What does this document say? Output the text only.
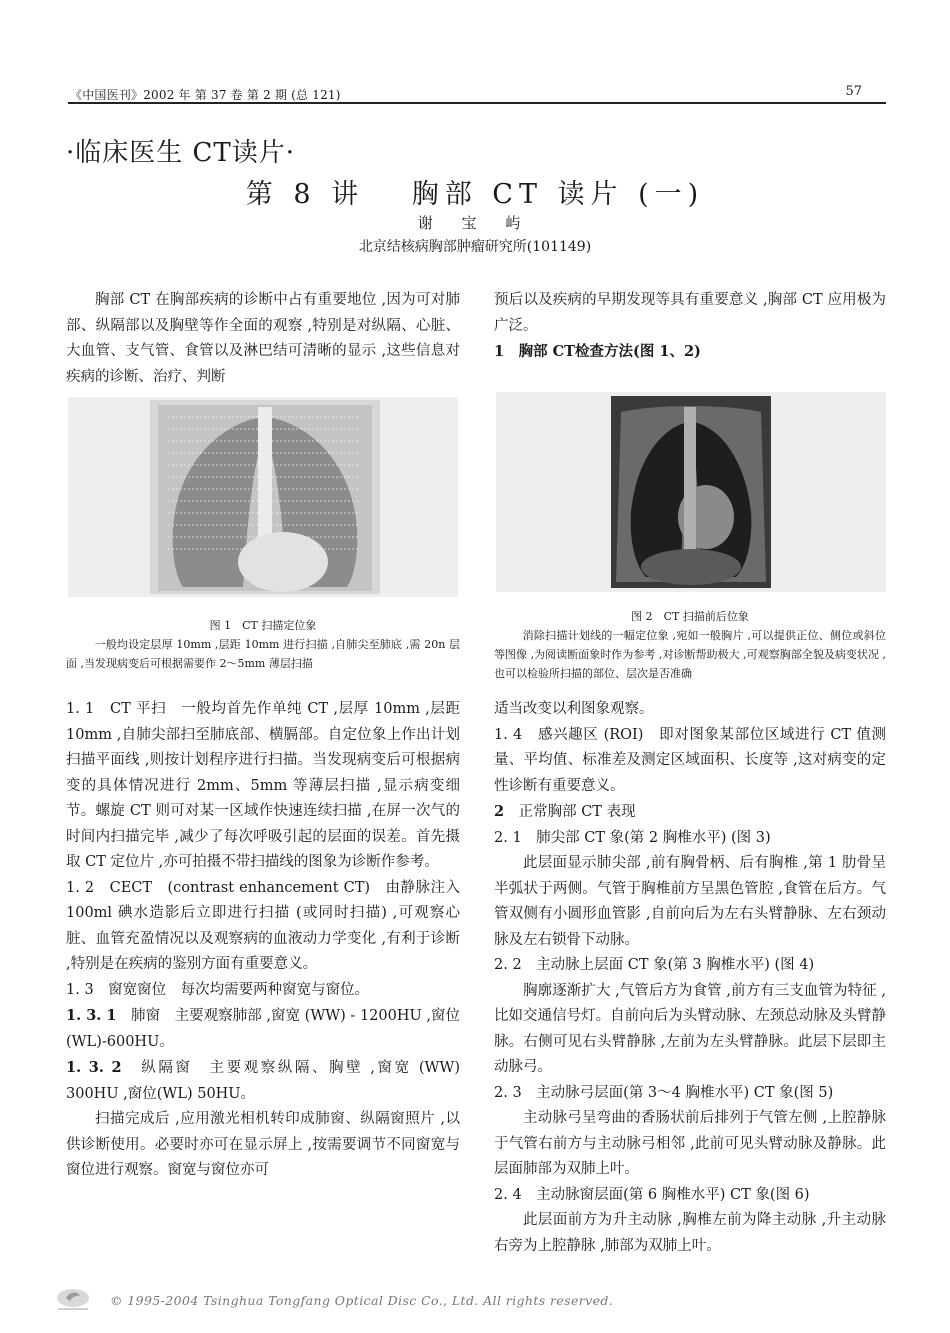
《中国医刊》2002 年 第 37 卷 第 2 期 (总 121)	57
·临床医生 CT读片·
第 8 讲　 胸部 CT 读片 (一)
谢 宝 屿
北京结核病胸部肿瘤研究所(101149)

胸部 CT 在胸部疾病的诊断中占有重要地位 ,因为可对肺部、纵隔部以及胸壁等作全面的观察 ,特别是对纵隔、心脏、大血管、支气管、食管以及淋巴结可清晰的显示 ,这些信息对疾病的诊断、治疗、判断

预后以及疾病的早期发现等具有重要意义 ,胸部 CT 应用极为广泛。

1　胸部 CT检查方法(图 1、2)

图 1　CT 扫描定位象
一般均设定层厚 10mm ,层距 10mm 进行扫描 ,自肺尖至肺底 ,需 20n 层面 ,当发现病变后可根据需要作 2～5mm 薄层扫描
图 2　CT 扫描前后位象
消除扫描计划线的一幅定位象 ,宛如一般胸片 ,可以提供正位、侧位或斜位等图像 ,为阅读断面象时作为参考 ,对诊断帮助极大 ,可观察胸部全貌及病变状况 ,也可以检验所扫描的部位、层次是否准确

1. 1　CT 平扫　一般均首先作单纯 CT ,层厚 10mm ,层距 10mm ,自肺尖部扫至肺底部、横膈部。自定位象上作出计划扫描平面线 ,则按计划程序进行扫描。当发现病变后可根据病变的具体情况进行 2mm、5mm 等薄层扫描 ,显示病变细节。螺旋 CT 则可对某一区域作快速连续扫描 ,在屏一次气的时间内扫描完毕 ,减少了每次呼吸引起的层面的误差。首先摄取 CT 定位片 ,亦可拍摄不带扫描线的图象为诊断作参考。

1. 2　CECT　(contrast enhancement CT)　由静脉注入 100ml 碘水造影后立即进行扫描 (或同时扫描) ,可观察心脏、血管充盈情况以及观察病的血液动力学变化 ,有利于诊断 ,特别是在疾病的鉴别方面有重要意义。

1. 3　窗宽窗位　每次均需要两种窗宽与窗位。

1. 3. 1　肺窗　主要观察肺部 ,窗宽 (WW) - 1200HU ,窗位(WL)-600HU。

1. 3. 2　纵隔窗　主要观察纵隔、胸壁 ,窗宽 (WW) 300HU ,窗位(WL) 50HU。

扫描完成后 ,应用激光相机转印成肺窗、纵隔窗照片 ,以供诊断使用。必要时亦可在显示屏上 ,按需要调节不同窗宽与窗位进行观察。窗宽与窗位亦可

适当改变以利图象观察。

1. 4　感兴趣区 (ROI)　即对图象某部位区域进行 CT 值测量、平均值、标准差及测定区域面积、长度等 ,这对病变的定性诊断有重要意义。

2　正常胸部 CT 表现

2. 1　肺尖部 CT 象(第 2 胸椎水平) (图 3)

此层面显示肺尖部 ,前有胸骨柄、后有胸椎 ,第 1 肋骨呈半弧状于两侧。气管于胸椎前方呈黑色管腔 ,食管在后方。气管双侧有小圆形血管影 ,自前向后为左右头臂静脉、左右颈动脉及左右锁骨下动脉。

2. 2　主动脉上层面 CT 象(第 3 胸椎水平) (图 4)

胸廓逐渐扩大 ,气管后方为食管 ,前方有三支血管为特征 ,比如交通信号灯。自前向后为头臂动脉、左颈总动脉及头臂静脉。右侧可见右头臂静脉 ,左前为左头臂静脉。此层下层即主动脉弓。

2. 3　主动脉弓层面(第 3～4 胸椎水平) CT 象(图 5)

主动脉弓呈弯曲的香肠状前后排列于气管左侧 ,上腔静脉于气管右前方与主动脉弓相邻 ,此前可见头臂动脉及静脉。此层面肺部为双肺上叶。

2. 4　主动脉窗层面(第 6 胸椎水平) CT 象(图 6)

此层面前方为升主动脉 ,胸椎左前为降主动脉 ,升主动脉右旁为上腔静脉 ,肺部为双肺上叶。

© 1995-2004 Tsinghua Tongfang Optical Disc Co., Ltd. All rights reserved.
